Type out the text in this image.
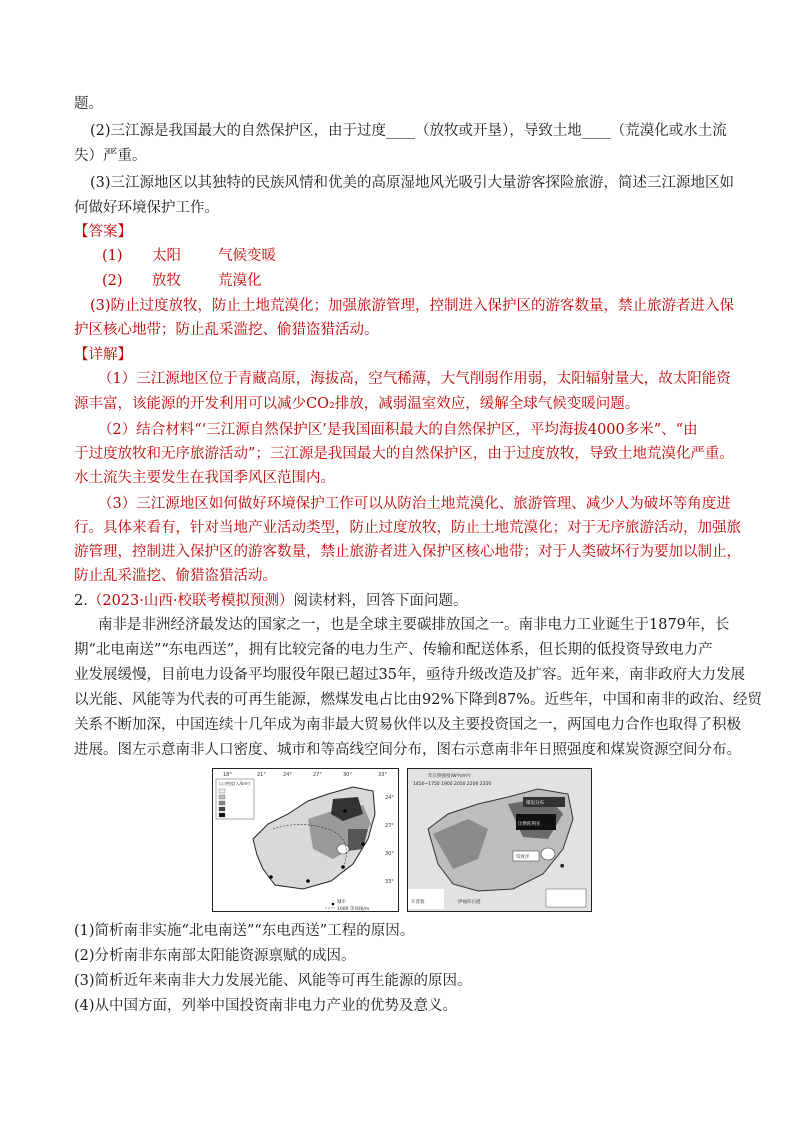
题。
(2)三江源是我国最大的自然保护区，由于过度____（放牧或开垦），导致土地____（荒漠化或水土流
失）严重。
(3)三江源地区以其独特的民族风情和优美的高原湿地风光吸引大量游客探险旅游，简述三江源地区如
何做好环境保护工作。
【答案】
(1) 太阳	气候变暖
(2) 放牧	荒漠化
(3)防止过度放牧，防止土地荒漠化；加强旅游管理，控制进入保护区的游客数量，禁止旅游者进入保
护区核心地带；防止乱采滥挖、偷猎盗猎活动。
【详解】
（1）三江源地区位于青藏高原，海拔高，空气稀薄，大气削弱作用弱，太阳辐射量大，故太阳能资
源丰富，该能源的开发利用可以减少CO₂排放，减弱温室效应，缓解全球气候变暖问题。
（2）结合材料“‘三江源自然保护区’是我国面积最大的自然保护区，平均海拔4000多米”、“由
于过度放牧和无序旅游活动”；三江源是我国最大的自然保护区，由于过度放牧，导致土地荒漠化严重。
水土流失主要发生在我国季风区范围内。
（3）三江源地区如何做好环境保护工作可以从防治土地荒漠化、旅游管理、减少人为破坏等角度进
行。具体来看有，针对当地产业活动类型，防止过度放牧，防止土地荒漠化；对于无序旅游活动，加强旅
游管理，控制进入保护区的游客数量，禁止旅游者进入保护区核心地带；对于人类破坏行为要加以制止，
防止乱采滥挖、偷猎盗猎活动。
2.（2023·山西·校联考模拟预测）阅读材料，回答下面问题。
南非是非洲经济最发达的国家之一，也是全球主要碳排放国之一。南非电力工业诞生于1879年，长
期“北电南送”“东电西送”，拥有比较完备的电力生产、传输和配送体系，但长期的低投资导致电力产
业发展缓慢，目前电力设备平均服役年限已超过35年，亟待升级改造及扩容。近年来，南非政府大力发展
以光能、风能等为代表的可再生能源，燃煤发电占比由92%下降到87%。近些年，中国和南非的政治、经贸
关系不断加深，中国连续十几年成为南非最大贸易伙伴以及主要投资国之一，两国电力合作也取得了积极
进展。图左示意南非人口密度、城市和等高线空间分布，图右示意南非年日照强度和煤炭资源空间分布。
18°	21°	24°	27°	30°	33°
24°
27°
30°
33°
人口密度(人/km²)
城市
1000 等高线/m
年日照强度(W·h/m²)
1450~1750 1900 2050 2200 2350
煤炭分布
比勒陀利亚
印度洋
●
开普敦	伊丽莎白港
(1)简析南非实施“北电南送”“东电西送”工程的原因。
(2)分析南非东南部太阳能资源禀赋的成因。
(3)简析近年来南非大力发展光能、风能等可再生能源的原因。
(4)从中国方面，列举中国投资南非电力产业的优势及意义。
